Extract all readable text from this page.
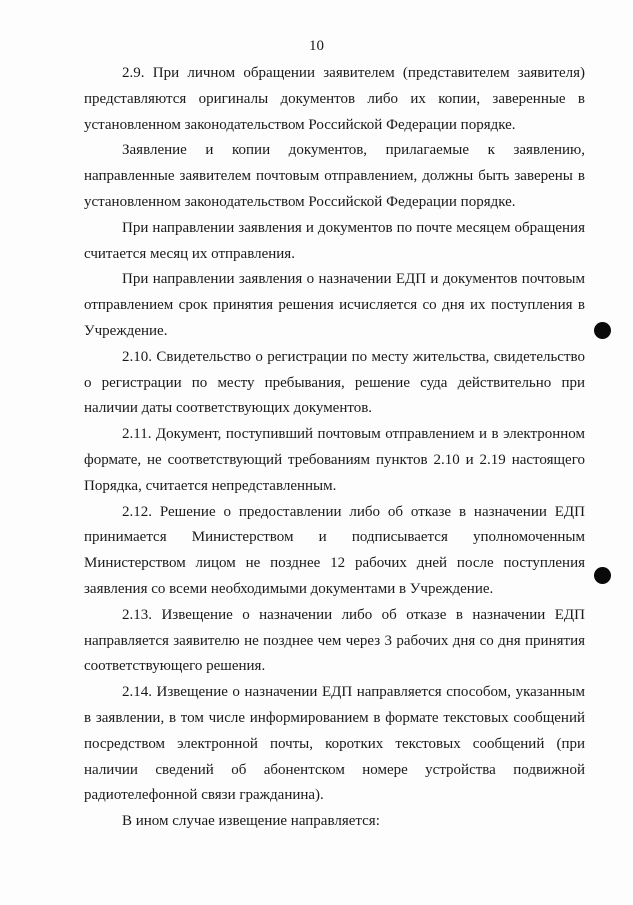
10

2.9. При личном обращении заявителем (представителем заявителя) представляются оригиналы документов либо их копии, заверенные в установленном законодательством Российской Федерации порядке.

Заявление и копии документов, прилагаемые к заявлению, направленные заявителем почтовым отправлением, должны быть заверены в установленном законодательством Российской Федерации порядке.

При направлении заявления и документов по почте месяцем обращения считается месяц их отправления.

При направлении заявления о назначении ЕДП и документов почтовым отправлением срок принятия решения исчисляется со дня их поступления в Учреждение.

2.10. Свидетельство о регистрации по месту жительства, свидетельство о регистрации по месту пребывания, решение суда действительно при наличии даты соответствующих документов.

2.11. Документ, поступивший почтовым отправлением и в электронном формате, не соответствующий требованиям пунктов 2.10 и 2.19 настоящего Порядка, считается непредставленным.

2.12. Решение о предоставлении либо об отказе в назначении ЕДП принимается Министерством и подписывается уполномоченным Министерством лицом не позднее 12 рабочих дней после поступления заявления со всеми необходимыми документами в Учреждение.

2.13. Извещение о назначении либо об отказе в назначении ЕДП направляется заявителю не позднее чем через 3 рабочих дня со дня принятия соответствующего решения.

2.14. Извещение о назначении ЕДП направляется способом, указанным в заявлении, в том числе информированием в формате текстовых сообщений посредством электронной почты, коротких текстовых сообщений (при наличии сведений об абонентском номере устройства подвижной радиотелефонной связи гражданина).

В ином случае извещение направляется:
